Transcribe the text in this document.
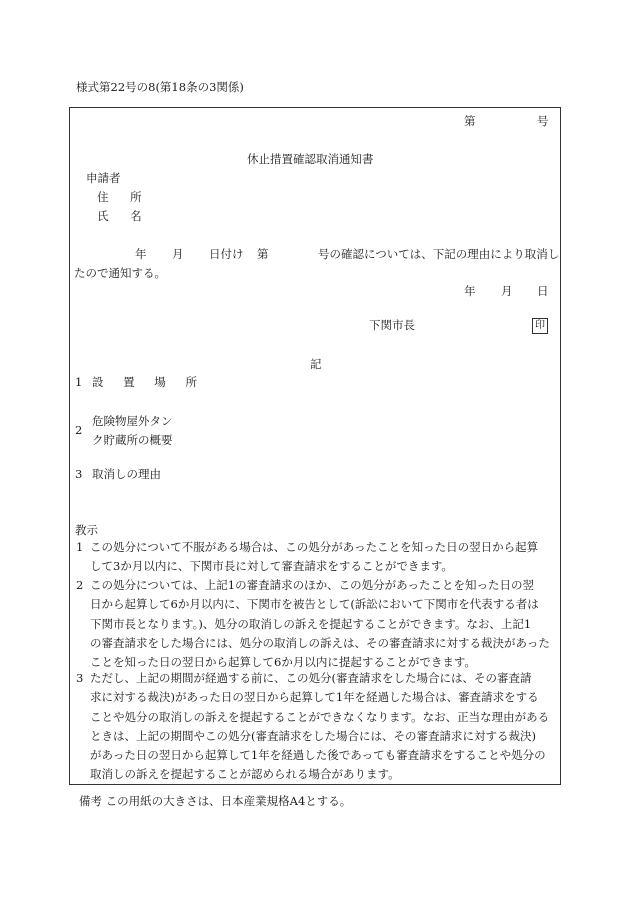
様式第22号の8(第18条の3関係)
第	号
休止措置確認取消通知書
申請者
住 所
氏 名
年 月 日付け 第	号の確認については、下記の理由により取消し
たので通知する。
年 月 日
下関市長	印
記
1 設 置 場 所
2
危険物屋外タン
ク貯蔵所の概要
3 取消しの理由
教示
1 この処分について不服がある場合は、この処分があったことを知った日の翌日から起算
して3か月以内に、下関市長に対して審査請求をすることができます。
2 この処分については、上記1の審査請求のほか、この処分があったことを知った日の翌
日から起算して6か月以内に、下関市を被告として(訴訟において下関市を代表する者は
下関市長となります。)、処分の取消しの訴えを提起することができます。なお、上記1
の審査請求をした場合には、処分の取消しの訴えは、その審査請求に対する裁決があった
ことを知った日の翌日から起算して6か月以内に提起することができます。
3 ただし、上記の期間が経過する前に、この処分(審査請求をした場合には、その審査請
求に対する裁決)があった日の翌日から起算して1年を経過した場合は、審査請求をする
ことや処分の取消しの訴えを提起することができなくなります。なお、正当な理由がある
ときは、上記の期間やこの処分(審査請求をした場合には、その審査請求に対する裁決)
があった日の翌日から起算して1年を経過した後であっても審査請求をすることや処分の
取消しの訴えを提起することが認められる場合があります。
備考 この用紙の大きさは、日本産業規格A4とする。
